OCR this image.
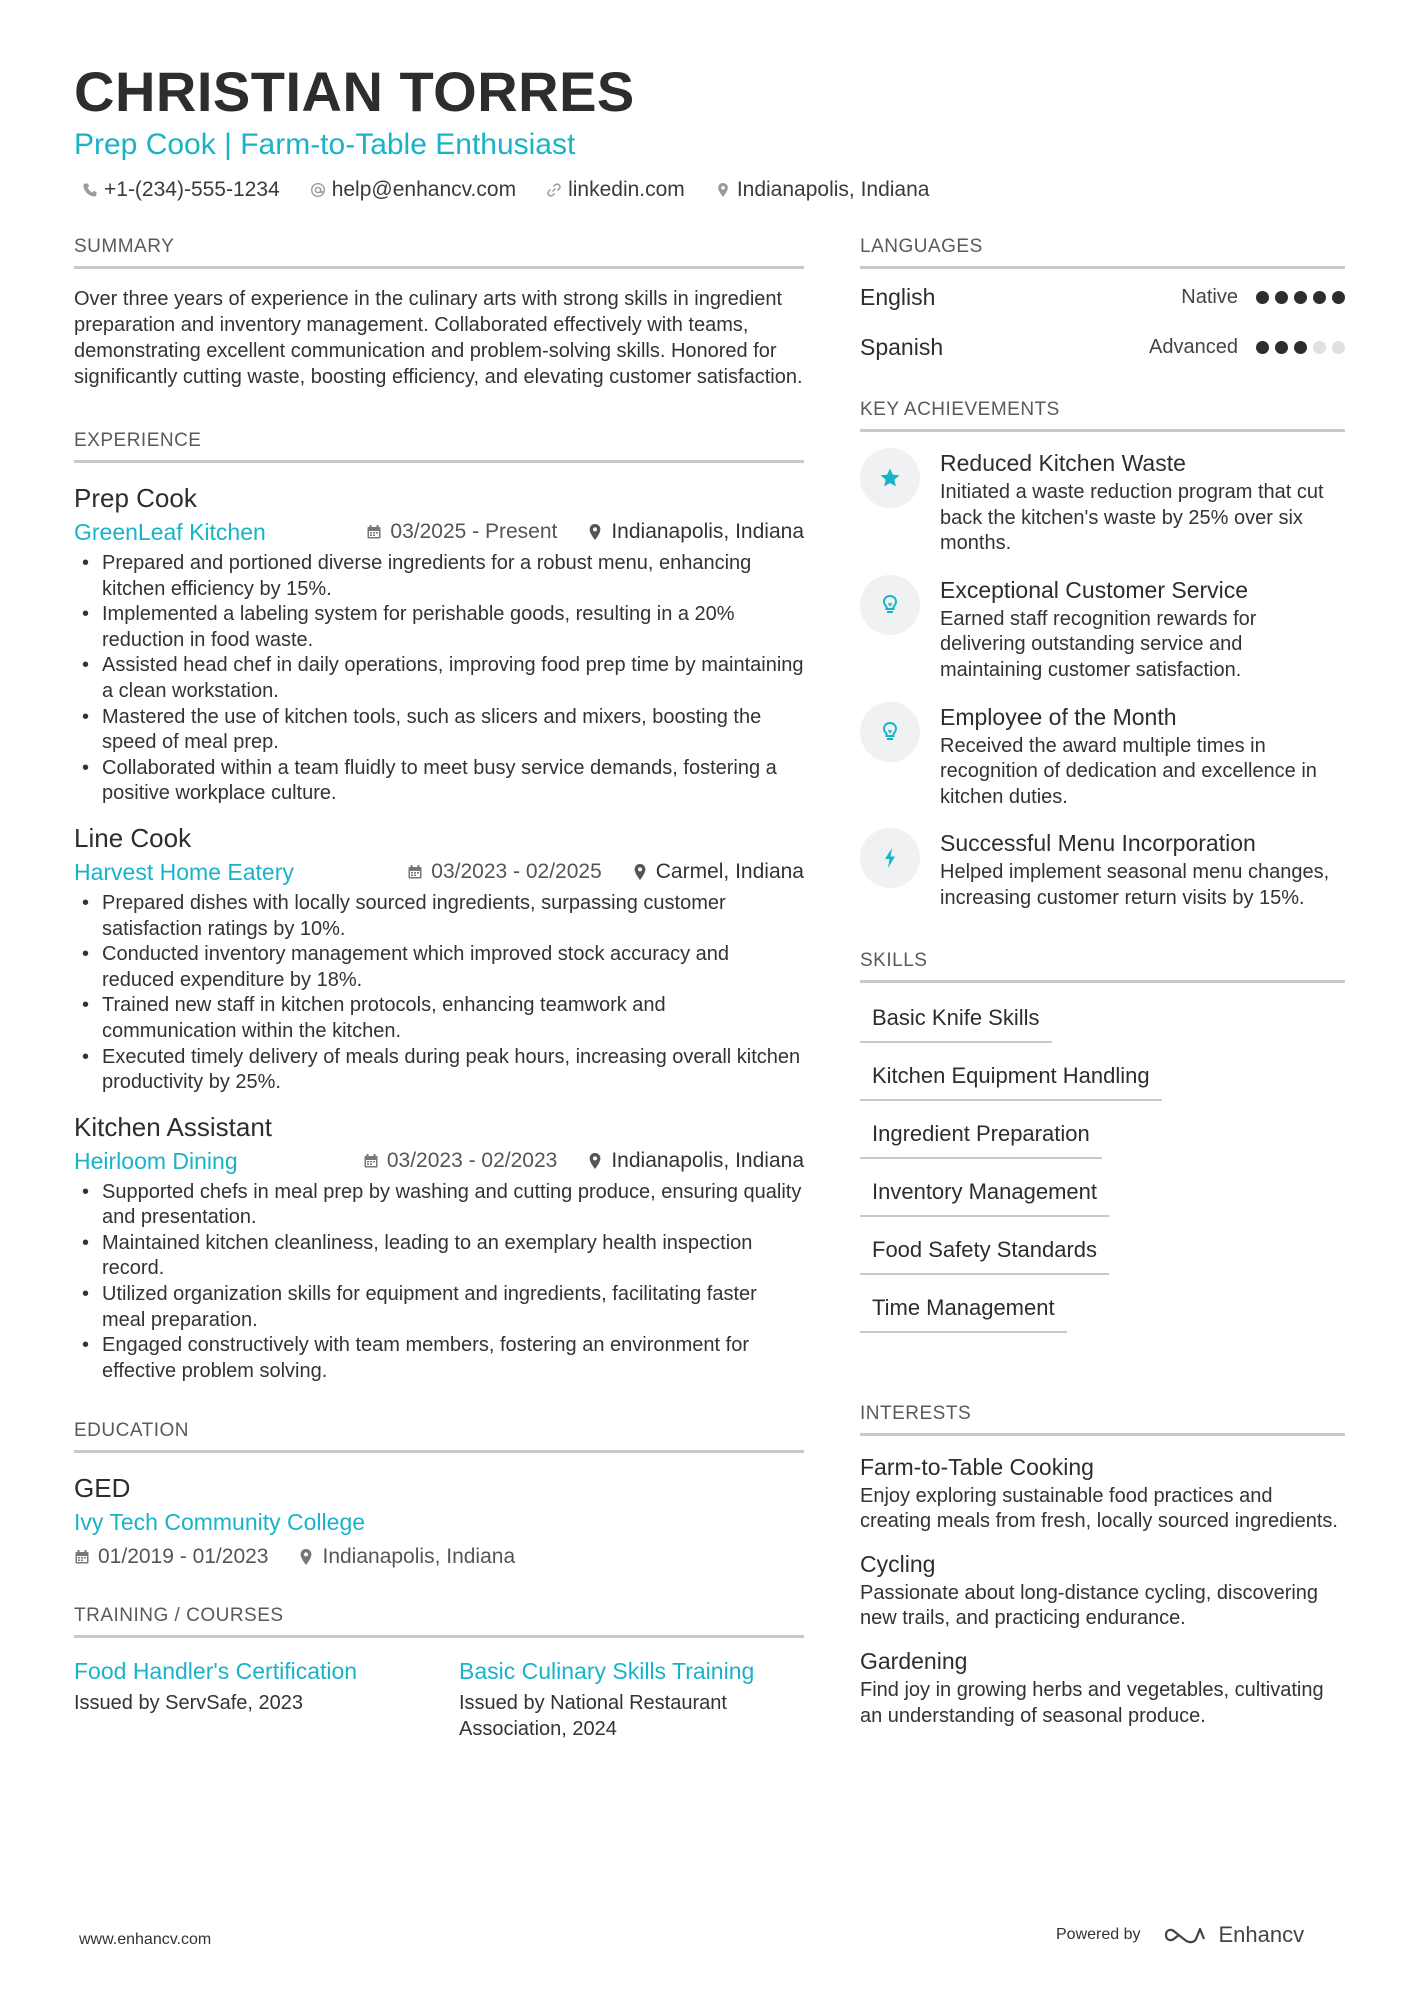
CHRISTIAN TORRES
Prep Cook | Farm-to-Table Enthusiast
+1-(234)-555-1234 help@enhancv.com linkedin.com Indianapolis, Indiana
SUMMARY
Over three years of experience in the culinary arts with strong skills in ingredient preparation and inventory management. Collaborated effectively with teams, demonstrating excellent communication and problem-solving skills. Honored for significantly cutting waste, boosting efficiency, and elevating customer satisfaction.
EXPERIENCE
Prep Cook
GreenLeaf Kitchen	03/2025 - Present	Indianapolis, Indiana
• Prepared and portioned diverse ingredients for a robust menu, enhancing kitchen efficiency by 15%.
• Implemented a labeling system for perishable goods, resulting in a 20% reduction in food waste.
• Assisted head chef in daily operations, improving food prep time by maintaining a clean workstation.
• Mastered the use of kitchen tools, such as slicers and mixers, boosting the speed of meal prep.
• Collaborated within a team fluidly to meet busy service demands, fostering a positive workplace culture.
Line Cook
Harvest Home Eatery	03/2023 - 02/2025	Carmel, Indiana
• Prepared dishes with locally sourced ingredients, surpassing customer satisfaction ratings by 10%.
• Conducted inventory management which improved stock accuracy and reduced expenditure by 18%.
• Trained new staff in kitchen protocols, enhancing teamwork and communication within the kitchen.
• Executed timely delivery of meals during peak hours, increasing overall kitchen productivity by 25%.
Kitchen Assistant
Heirloom Dining	03/2023 - 02/2023	Indianapolis, Indiana
• Supported chefs in meal prep by washing and cutting produce, ensuring quality and presentation.
• Maintained kitchen cleanliness, leading to an exemplary health inspection record.
• Utilized organization skills for equipment and ingredients, facilitating faster meal preparation.
• Engaged constructively with team members, fostering an environment for effective problem solving.
EDUCATION
GED
Ivy Tech Community College
01/2019 - 01/2023	Indianapolis, Indiana
TRAINING / COURSES
Food Handler's Certification
Issued by ServSafe, 2023
Basic Culinary Skills Training
Issued by National Restaurant Association, 2024
LANGUAGES
English	Native
Spanish	Advanced
KEY ACHIEVEMENTS
Reduced Kitchen Waste
Initiated a waste reduction program that cut back the kitchen's waste by 25% over six months.
Exceptional Customer Service
Earned staff recognition rewards for delivering outstanding service and maintaining customer satisfaction.
Employee of the Month
Received the award multiple times in recognition of dedication and excellence in kitchen duties.
Successful Menu Incorporation
Helped implement seasonal menu changes, increasing customer return visits by 15%.
SKILLS
Basic Knife Skills
Kitchen Equipment Handling
Ingredient Preparation
Inventory Management
Food Safety Standards
Time Management
INTERESTS
Farm-to-Table Cooking
Enjoy exploring sustainable food practices and creating meals from fresh, locally sourced ingredients.
Cycling
Passionate about long-distance cycling, discovering new trails, and practicing endurance.
Gardening
Find joy in growing herbs and vegetables, cultivating an understanding of seasonal produce.
www.enhancv.com	Powered by	Enhancv
